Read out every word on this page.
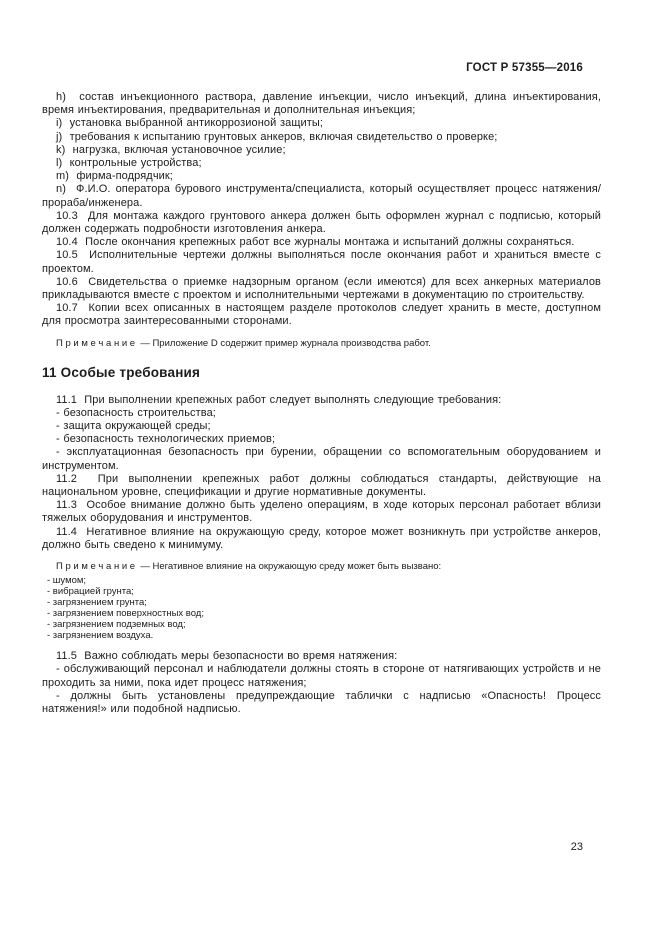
ГОСТ Р 57355—2016

h)  состав инъекционного раствора, давление инъекции, число инъекций, длина инъектирования, время инъектирования, предварительная и дополнительная инъекция;

i)  установка выбранной антикоррозионой защиты;

j)  требования к испытанию грунтовых анкеров, включая свидетельство о проверке;

k)  нагрузка, включая установочное усилие;

l)  контрольные устройства;

m)  фирма-подрядчик;

n)  Ф.И.О. оператора бурового инструмента/специалиста, который осуществляет процесс натяжения/прораба/инженера.

10.3  Для монтажа каждого грунтового анкера должен быть оформлен журнал с подписью, который должен содержать подробности изготовления анкера.

10.4  После окончания крепежных работ все журналы монтажа и испытаний должны сохраняться.

10.5  Исполнительные чертежи должны выполняться после окончания работ и храниться вместе с проектом.

10.6  Свидетельства о приемке надзорным органом (если имеются) для всех анкерных материалов прикладываются вместе с проектом и исполнительными чертежами в документацию по строительству.

10.7  Копии всех описанных в настоящем разделе протоколов следует хранить в месте, доступном для просмотра заинтересованными сторонами.

П р и м е ч а н и е  — Приложение D содержит пример журнала производства работ.

11 Особые требования

11.1  При выполнении крепежных работ следует выполнять следующие требования:

- безопасность строительства;

- защита окружающей среды;

- безопасность технологических приемов;

- эксплуатационная безопасность при бурении, обращении со вспомогательным оборудованием и инструментом.

11.2  При выполнении крепежных работ должны соблюдаться стандарты, действующие на национальном уровне, спецификации и другие нормативные документы.

11.3  Особое внимание должно быть уделено операциям, в ходе которых персонал работает вблизи тяжелых оборудования и инструментов.

11.4  Негативное влияние на окружающую среду, которое может возникнуть при устройстве анкеров, должно быть сведено к минимуму.

П р и м е ч а н и е  — Негативное влияние на окружающую среду может быть вызвано:

- шумом;

- вибрацией грунта;

- загрязнением грунта;

- загрязнением поверхностных вод;

- загрязнением подземных вод;

- загрязнением воздуха.

11.5  Важно соблюдать меры безопасности во время натяжения:

- обслуживающий персонал и наблюдатели должны стоять в стороне от натягивающих устройств и не проходить за ними, пока идет процесс натяжения;

- должны быть установлены предупреждающие таблички с надписью «Опасность! Процесс натяжения!» или подобной надписью.

23
